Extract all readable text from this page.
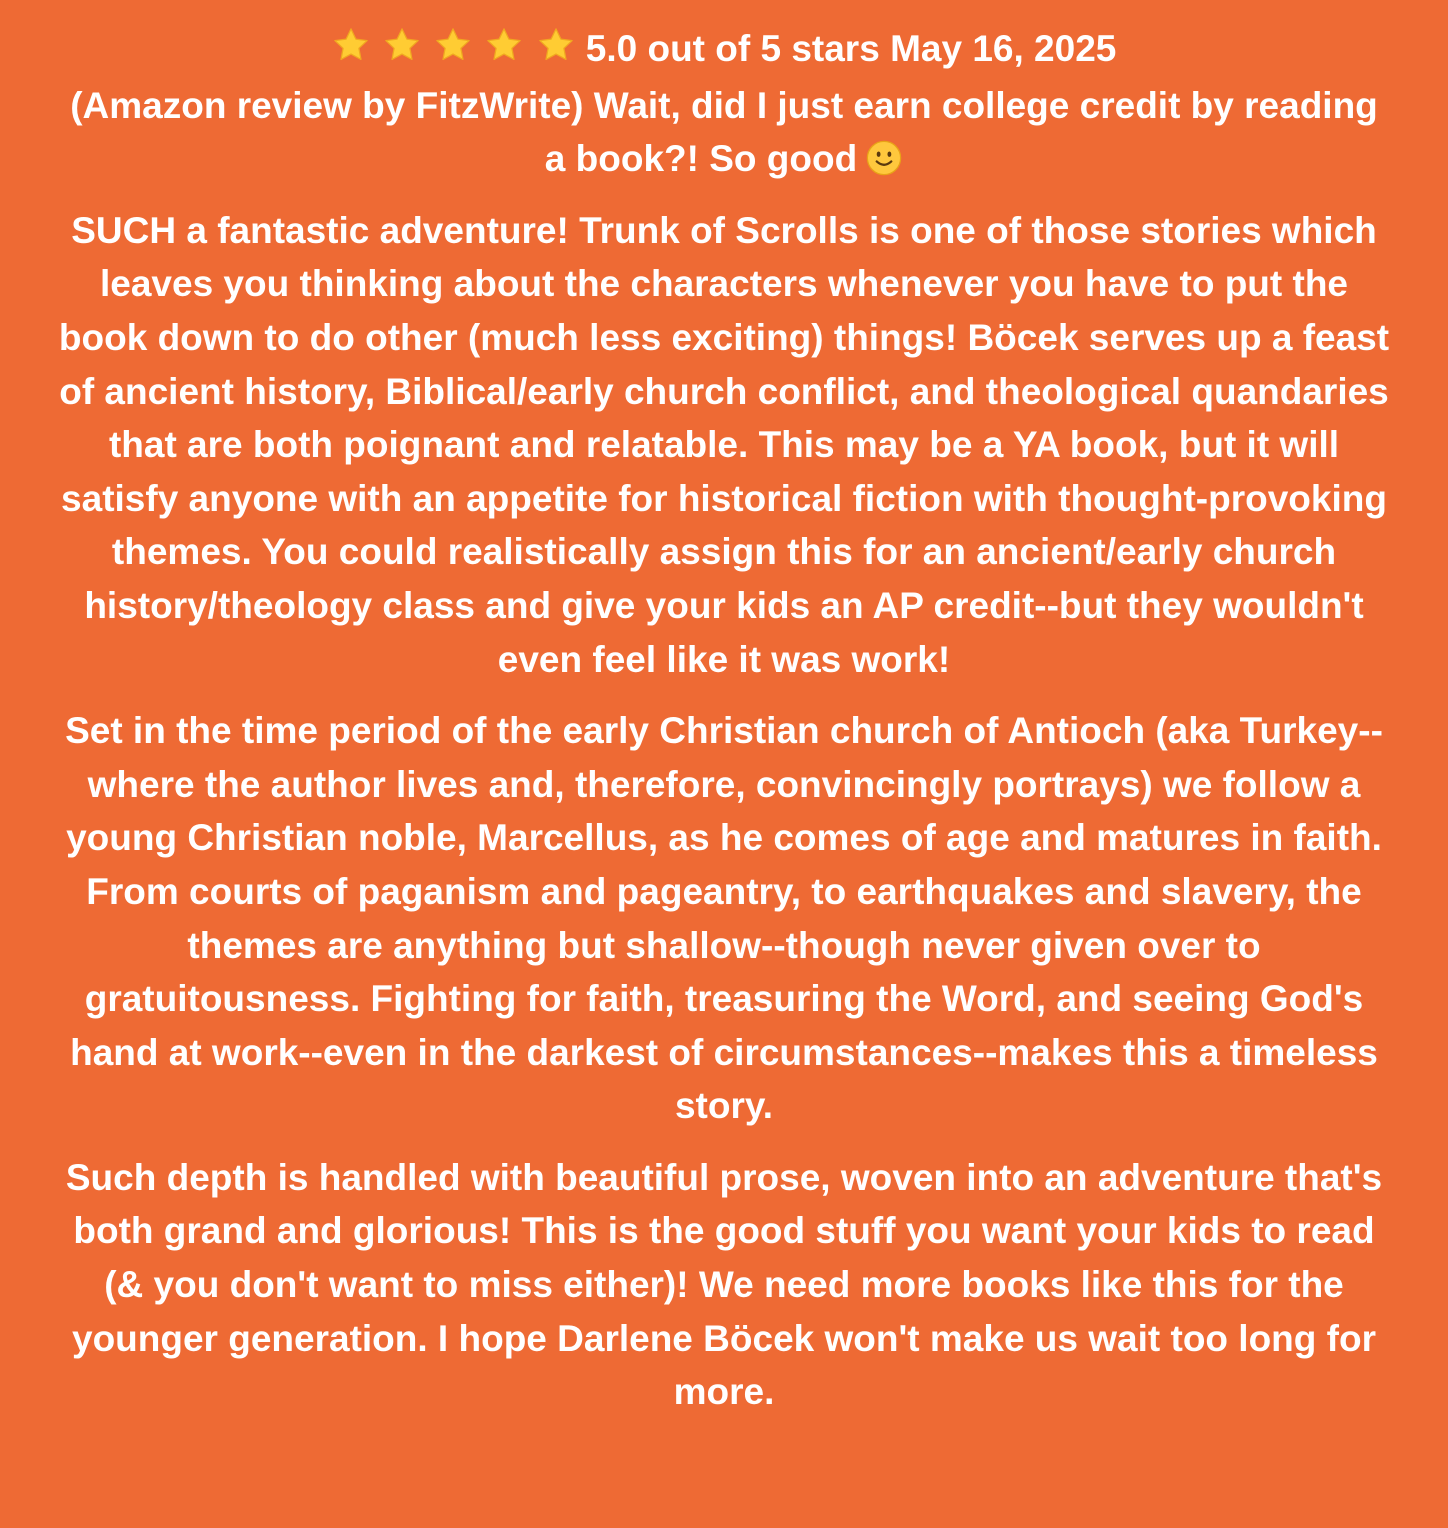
5.0 out of 5 stars May 16, 2025
(Amazon review by FitzWrite) Wait, did I just earn college credit by reading a book?! So good

SUCH a fantastic adventure! Trunk of Scrolls is one of those stories which leaves you thinking about the characters whenever you have to put the book down to do other (much less exciting) things! Böcek serves up a feast of ancient history, Biblical/early church conflict, and theological quandaries that are both poignant and relatable. This may be a YA book, but it will satisfy anyone with an appetite for historical fiction with thought-provoking themes. You could realistically assign this for an ancient/early church history/theology class and give your kids an AP credit--but they wouldn't even feel like it was work!

Set in the time period of the early Christian church of Antioch (aka Turkey--where the author lives and, therefore, convincingly portrays) we follow a young Christian noble, Marcellus, as he comes of age and matures in faith. From courts of paganism and pageantry, to earthquakes and slavery, the themes are anything but shallow--though never given over to gratuitousness. Fighting for faith, treasuring the Word, and seeing God's hand at work--even in the darkest of circumstances--makes this a timeless story.

Such depth is handled with beautiful prose, woven into an adventure that's both grand and glorious! This is the good stuff you want your kids to read (& you don't want to miss either)! We need more books like this for the younger generation. I hope Darlene Böcek won't make us wait too long for more.
